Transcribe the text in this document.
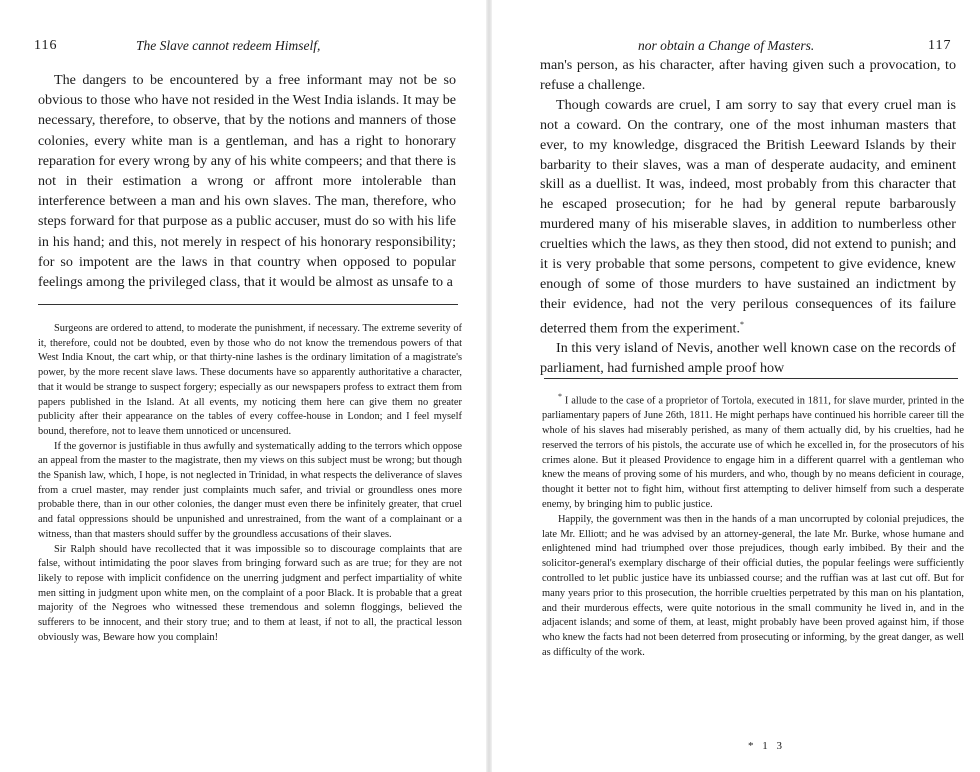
116	The Slave cannot redeem Himself,

The dangers to be encountered by a free informant may not be so obvious to those who have not resided in the West India islands. It may be necessary, therefore, to observe, that by the notions and manners of those colonies, every white man is a gentleman, and has a right to honorary reparation for every wrong by any of his white compeers; and that there is not in their estimation a wrong or affront more intolerable than interference between a man and his own slaves. The man, therefore, who steps forward for that purpose as a public accuser, must do so with his life in his hand; and this, not merely in respect of his honorary responsibility; for so impotent are the laws in that country when opposed to popular feelings among the privileged class, that it would be almost as unsafe to a

Surgeons are ordered to attend, to moderate the punishment, if necessary. The extreme severity of it, therefore, could not be doubted, even by those who do not know the tremendous powers of that West India Knout, the cart whip, or that thirty-nine lashes is the ordinary limitation of a magistrate's power, by the more recent slave laws. These documents have so apparently authoritative a character, that it would be strange to suspect forgery; especially as our newspapers profess to extract them from papers published in the Island. At all events, my noticing them here can give them no greater publicity after their appearance on the tables of every coffee-house in London; and I feel myself bound, therefore, not to leave them unnoticed or uncensured.

If the governor is justifiable in thus awfully and systematically adding to the terrors which oppose an appeal from the master to the magistrate, then my views on this subject must be wrong; but though the Spanish law, which, I hope, is not neglected in Trinidad, in what respects the deliverance of slaves from a cruel master, may render just complaints much safer, and trivial or groundless ones more probable there, than in our other colonies, the danger must even there be infinitely greater, that cruel and fatal oppressions should be unpunished and unrestrained, from the want of a complainant or a witness, than that masters should suffer by the groundless accusations of their slaves.

Sir Ralph should have recollected that it was impossible so to discourage complaints that are false, without intimidating the poor slaves from bringing forward such as are true; for they are not likely to repose with implicit confidence on the unerring judgment and perfect impartiality of white men sitting in judgment upon white men, on the complaint of a poor Black. It is probable that a great majority of the Negroes who witnessed these tremendous and solemn floggings, believed the sufferers to be innocent, and their story true; and to them at least, if not to all, the practical lesson obviously was, Beware how you complain!

nor obtain a Change of Masters.	117

man's person, as his character, after having given such a provocation, to refuse a challenge.

Though cowards are cruel, I am sorry to say that every cruel man is not a coward. On the contrary, one of the most inhuman masters that ever, to my knowledge, disgraced the British Leeward Islands by their barbarity to their slaves, was a man of desperate audacity, and eminent skill as a duellist. It was, indeed, most probably from this character that he escaped prosecution; for he had by general repute barbarously murdered many of his miserable slaves, in addition to numberless other cruelties which the laws, as they then stood, did not extend to punish; and it is very probable that some persons, competent to give evidence, knew enough of some of those murders to have sustained an indictment by their evidence, had not the very perilous consequences of its failure deterred them from the experiment.*

In this very island of Nevis, another well known case on the records of parliament, had furnished ample proof how

* I allude to the case of a proprietor of Tortola, executed in 1811, for slave murder, printed in the parliamentary papers of June 26th, 1811. He might perhaps have continued his horrible career till the whole of his slaves had miserably perished, as many of them actually did, by his cruelties, had he reserved the terrors of his pistols, the accurate use of which he excelled in, for the prosecutors of his crimes alone. But it pleased Providence to engage him in a different quarrel with a gentleman who knew the means of proving some of his murders, and who, though by no means deficient in courage, thought it better not to fight him, without first attempting to deliver himself from such a desperate enemy, by bringing him to public justice.

Happily, the government was then in the hands of a man uncorrupted by colonial prejudices, the late Mr. Elliott; and he was advised by an attorney-general, the late Mr. Burke, whose humane and enlightened mind had triumphed over those prejudices, though early imbibed. By their and the solicitor-general's exemplary discharge of their official duties, the popular feelings were sufficiently controlled to let public justice have its unbiassed course; and the ruffian was at last cut off. But for many years prior to this prosecution, the horrible cruelties perpetrated by this man on his plantation, and their murderous effects, were quite notorious in the small community he lived in, and in the adjacent islands; and some of them, at least, might probably have been proved against him, if those who knew the facts had not been deterred from prosecuting or informing, by the great danger, as well as difficulty of the work.

* 1 3
